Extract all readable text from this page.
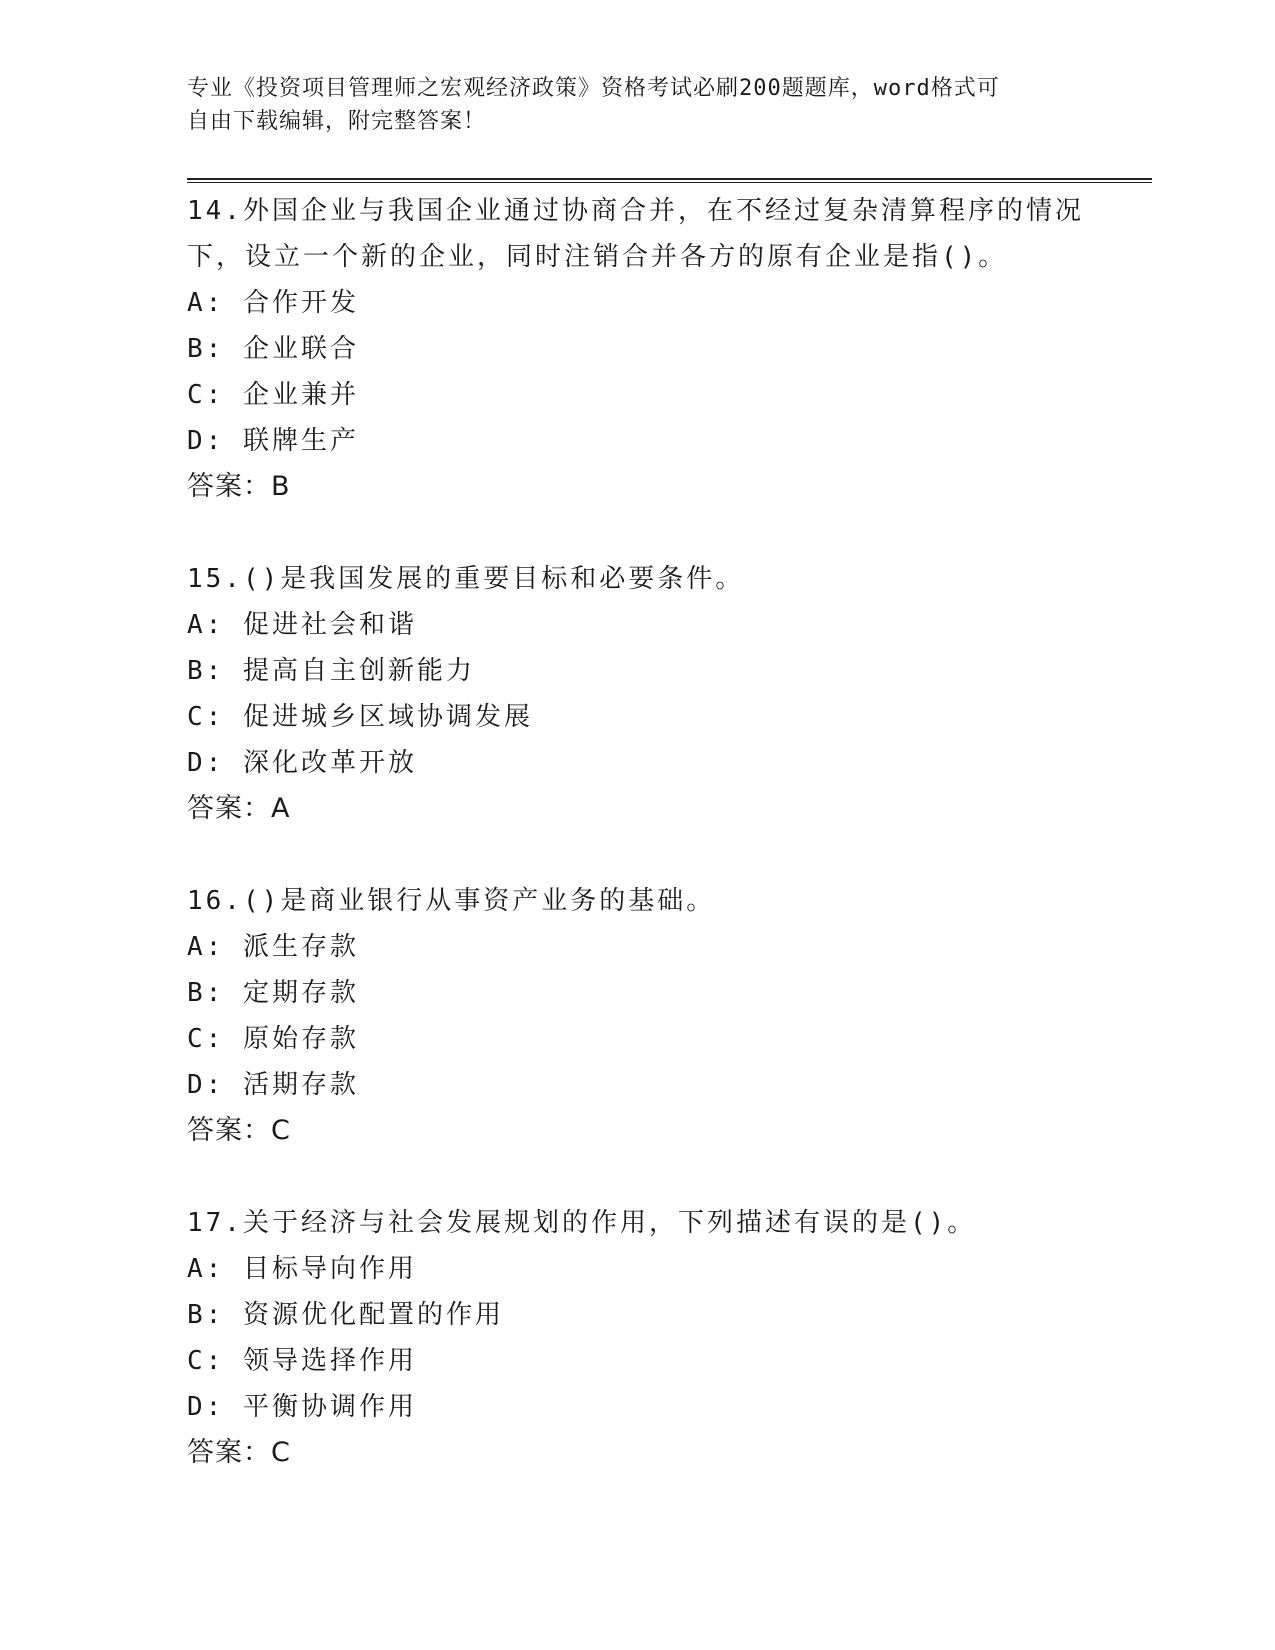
专业《投资项目管理师之宏观经济政策》资格考试必刷200题题库，word格式可
自由下载编辑，附完整答案！
14.外国企业与我国企业通过协商合并，在不经过复杂清算程序的情况
下，设立一个新的企业，同时注销合并各方的原有企业是指()。
A: 合作开发
B: 企业联合
C: 企业兼并
D: 联牌生产
答案：B
15.()是我国发展的重要目标和必要条件。
A: 促进社会和谐
B: 提高自主创新能力
C: 促进城乡区域协调发展
D: 深化改革开放
答案：A
16.()是商业银行从事资产业务的基础。
A: 派生存款
B: 定期存款
C: 原始存款
D: 活期存款
答案：C
17.关于经济与社会发展规划的作用，下列描述有误的是()。
A: 目标导向作用
B: 资源优化配置的作用
C: 领导选择作用
D: 平衡协调作用
答案：C
